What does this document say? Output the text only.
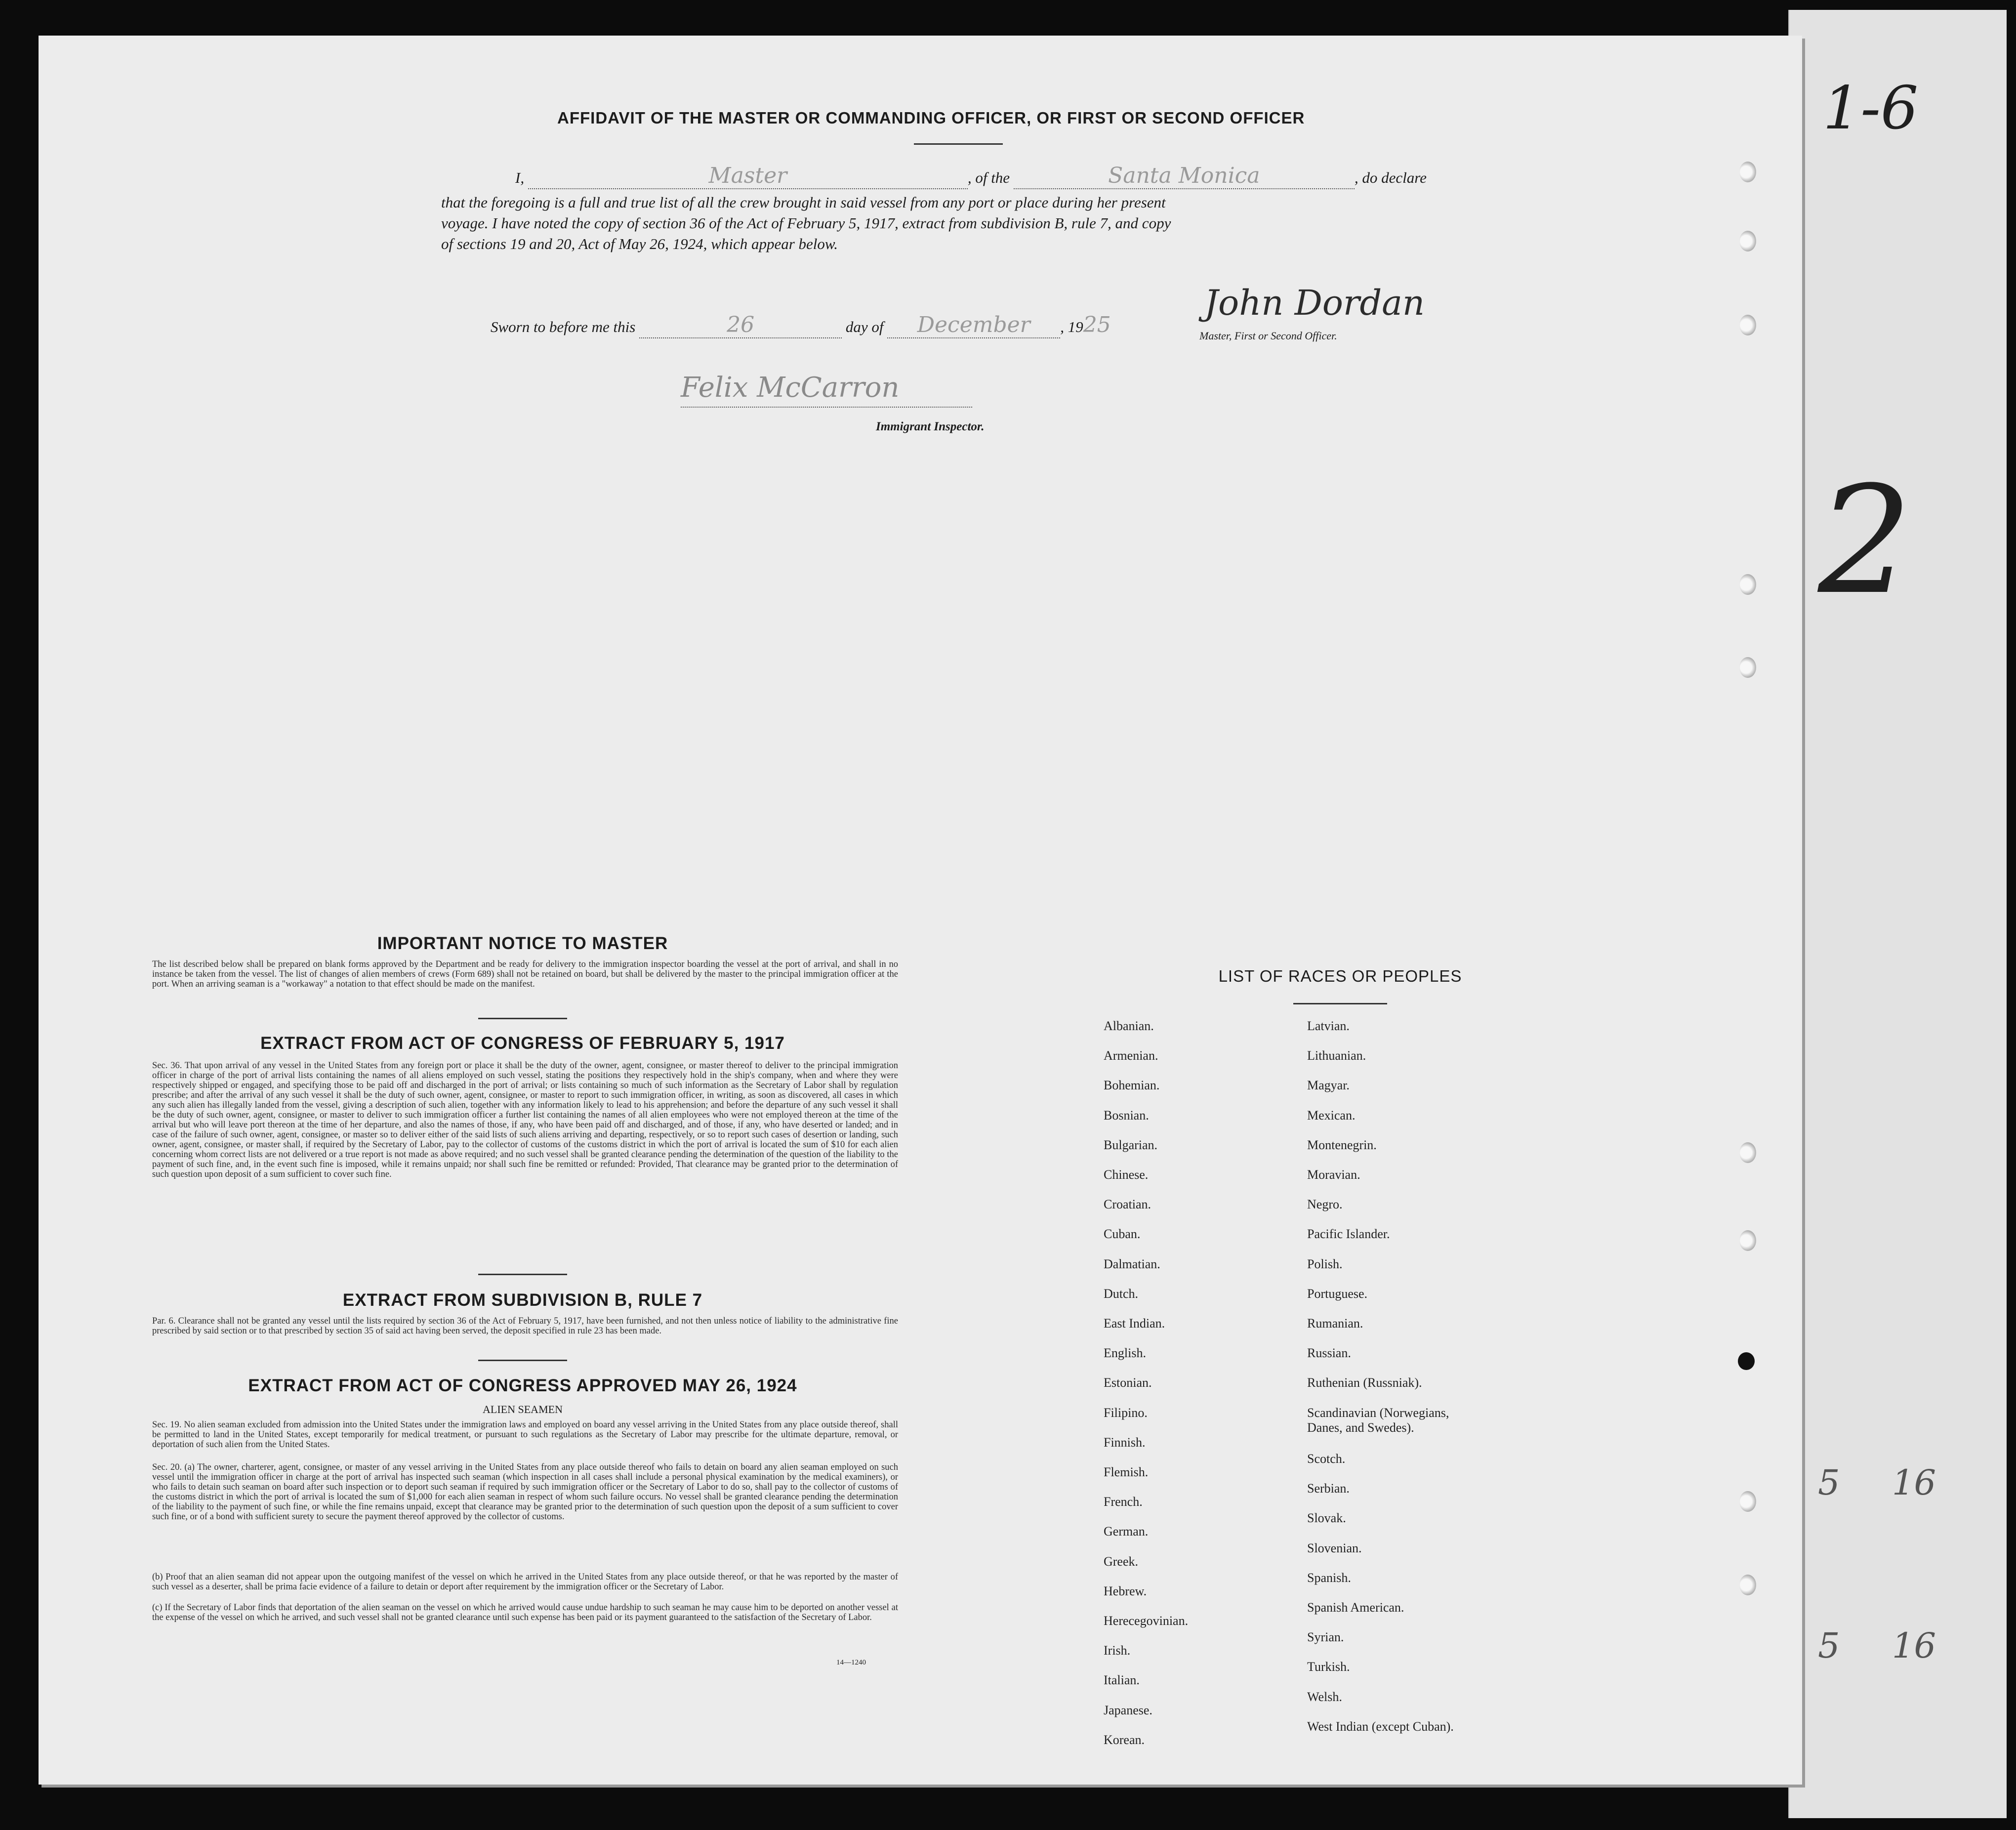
AFFIDAVIT OF THE MASTER OR COMMANDING OFFICER, OR FIRST OR SECOND OFFICER
I,	Master	, of the	Santa Monica	, do declare
that the foregoing is a full and true list of all the crew brought in said vessel from any port or place during her present
voyage. I have noted the copy of section 36 of the Act of February 5, 1917, extract from subdivision B, rule 7, and copy
of sections 19 and 20, Act of May 26, 1924, which appear below.
John Dordan
Master, First or Second Officer.
Sworn to before me this	26	day of December , 1925
Felix McCarron
Immigrant Inspector.
IMPORTANT NOTICE TO MASTER
The list described below shall be prepared on blank forms approved by the Department and be ready for delivery to the immigration inspector boarding the vessel at the port of arrival, and shall in no instance be taken from the vessel. The list of changes of alien members of crews (Form 689) shall not be retained on board, but shall be delivered by the master to the principal immigration officer at the port. When an arriving seaman is a "workaway" a notation to that effect should be made on the manifest.
EXTRACT FROM ACT OF CONGRESS OF FEBRUARY 5, 1917
Sec. 36. That upon arrival of any vessel in the United States from any foreign port or place it shall be the duty of the owner, agent, consignee, or master thereof to deliver to the principal immigration officer in charge of the port of arrival lists containing the names of all aliens employed on such vessel, stating the positions they respectively hold in the ship's company, when and where they were respectively shipped or engaged, and specifying those to be paid off and discharged in the port of arrival; or lists containing so much of such information as the Secretary of Labor shall by regulation prescribe; and after the arrival of any such vessel it shall be the duty of such owner, agent, consignee, or master to report to such immigration officer, in writing, as soon as discovered, all cases in which any such alien has illegally landed from the vessel, giving a description of such alien, together with any information likely to lead to his apprehension; and before the departure of any such vessel it shall be the duty of such owner, agent, consignee, or master to deliver to such immigration officer a further list containing the names of all alien employees who were not employed thereon at the time of the arrival but who will leave port thereon at the time of her departure, and also the names of those, if any, who have been paid off and discharged, and of those, if any, who have deserted or landed; and in case of the failure of such owner, agent, consignee, or master so to deliver either of the said lists of such aliens arriving and departing, respectively, or so to report such cases of desertion or landing, such owner, agent, consignee, or master shall, if required by the Secretary of Labor, pay to the collector of customs of the customs district in which the port of arrival is located the sum of $10 for each alien concerning whom correct lists are not delivered or a true report is not made as above required; and no such vessel shall be granted clearance pending the determination of the question of the liability to the payment of such fine, and, in the event such fine is imposed, while it remains unpaid; nor shall such fine be remitted or refunded: Provided, That clearance may be granted prior to the determination of such question upon deposit of a sum sufficient to cover such fine.
EXTRACT FROM SUBDIVISION B, RULE 7
Par. 6. Clearance shall not be granted any vessel until the lists required by section 36 of the Act of February 5, 1917, have been furnished, and not then unless notice of liability to the administrative fine prescribed by said section or to that prescribed by section 35 of said act having been served, the deposit specified in rule 23 has been made.
EXTRACT FROM ACT OF CONGRESS APPROVED MAY 26, 1924
ALIEN SEAMEN
Sec. 19. No alien seaman excluded from admission into the United States under the immigration laws and employed on board any vessel arriving in the United States from any place outside thereof, shall be permitted to land in the United States, except temporarily for medical treatment, or pursuant to such regulations as the Secretary of Labor may prescribe for the ultimate departure, removal, or deportation of such alien from the United States.
Sec. 20. (a) The owner, charterer, agent, consignee, or master of any vessel arriving in the United States from any place outside thereof who fails to detain on board any alien seaman employed on such vessel until the immigration officer in charge at the port of arrival has inspected such seaman (which inspection in all cases shall include a personal physical examination by the medical examiners), or who fails to detain such seaman on board after such inspection or to deport such seaman if required by such immigration officer or the Secretary of Labor to do so, shall pay to the collector of customs of the customs district in which the port of arrival is located the sum of $1,000 for each alien seaman in respect of whom such failure occurs. No vessel shall be granted clearance pending the determination of the liability to the payment of such fine, or while the fine remains unpaid, except that clearance may be granted prior to the determination of such question upon the deposit of a sum sufficient to cover such fine, or of a bond with sufficient surety to secure the payment thereof approved by the collector of customs.
(b) Proof that an alien seaman did not appear upon the outgoing manifest of the vessel on which he arrived in the United States from any place outside thereof, or that he was reported by the master of such vessel as a deserter, shall be prima facie evidence of a failure to detain or deport after requirement by the immigration officer or the Secretary of Labor.
(c) If the Secretary of Labor finds that deportation of the alien seaman on the vessel on which he arrived would cause undue hardship to such seaman he may cause him to be deported on another vessel at the expense of the vessel on which he arrived, and such vessel shall not be granted clearance until such expense has been paid or its payment guaranteed to the satisfaction of the Secretary of Labor.
14—1240
LIST OF RACES OR PEOPLES
Albanian.
Armenian.
Bohemian.
Bosnian.
Bulgarian.
Chinese.
Croatian.
Cuban.
Dalmatian.
Dutch.
East Indian.
English.
Estonian.
Filipino.
Finnish.
Flemish.
French.
German.
Greek.
Hebrew.
Herecegovinian.
Irish.
Italian.
Japanese.
Korean.
Latvian.
Lithuanian.
Magyar.
Mexican.
Montenegrin.
Moravian.
Negro.
Pacific Islander.
Polish.
Portuguese.
Rumanian.
Russian.
Ruthenian (Russniak).
Scandinavian (Norwegians, Danes, and Swedes).
Scotch.
Serbian.
Slovak.
Slovenian.
Spanish.
Spanish American.
Syrian.
Turkish.
Welsh.
West Indian (except Cuban).
1-6
2
5 16
5 16
